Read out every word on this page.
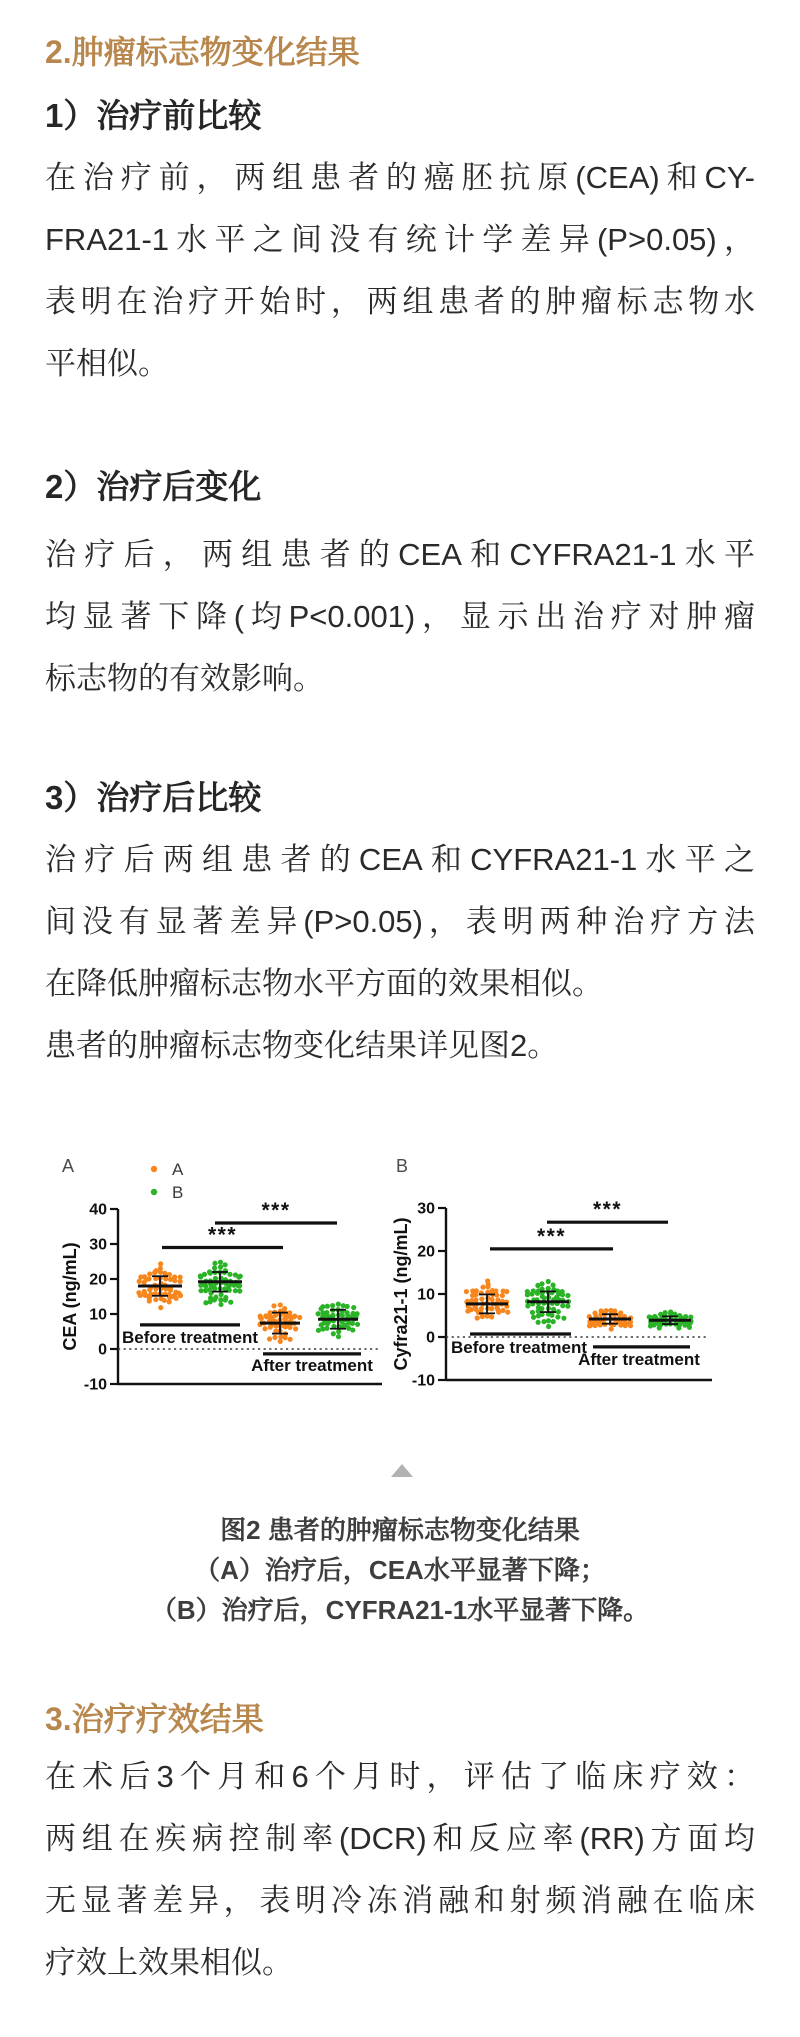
2.肿瘤标志物变化结果
1）治疗前比较
在治疗前，两组患者的癌胚抗原(CEA)和CY-
FRA21-1水平之间没有统计学差异(P>0.05)，
表明在治疗开始时，两组患者的肿瘤标志物水
平相似。
2）治疗后变化
治疗后，两组患者的CEA和CYFRA21-1水平
均显著下降(均P<0.001)，显示出治疗对肿瘤
标志物的有效影响。
3）治疗后比较
治疗后两组患者的CEA和CYFRA21-1水平之
间没有显著差异(P>0.05)，表明两种治疗方法
在降低肿瘤标志物水平方面的效果相似。
患者的肿瘤标志物变化结果详见图2。
40
30
20
10
0
-10
CEA (ng/mL)
A	A
B
***
***
Before treatment
After treatment
30
20
10
0
-10
Cyfra21-1 (ng/mL)
B
***
***
Before treatment
After treatment
图2 患者的肿瘤标志物变化结果
（A）治疗后，CEA水平显著下降；
（B）治疗后，CYFRA21-1水平显著下降。
3.治疗疗效结果
在术后3个月和6个月时，评估了临床疗效：
两组在疾病控制率(DCR)和反应率(RR)方面均
无显著差异，表明冷冻消融和射频消融在临床
疗效上效果相似。
